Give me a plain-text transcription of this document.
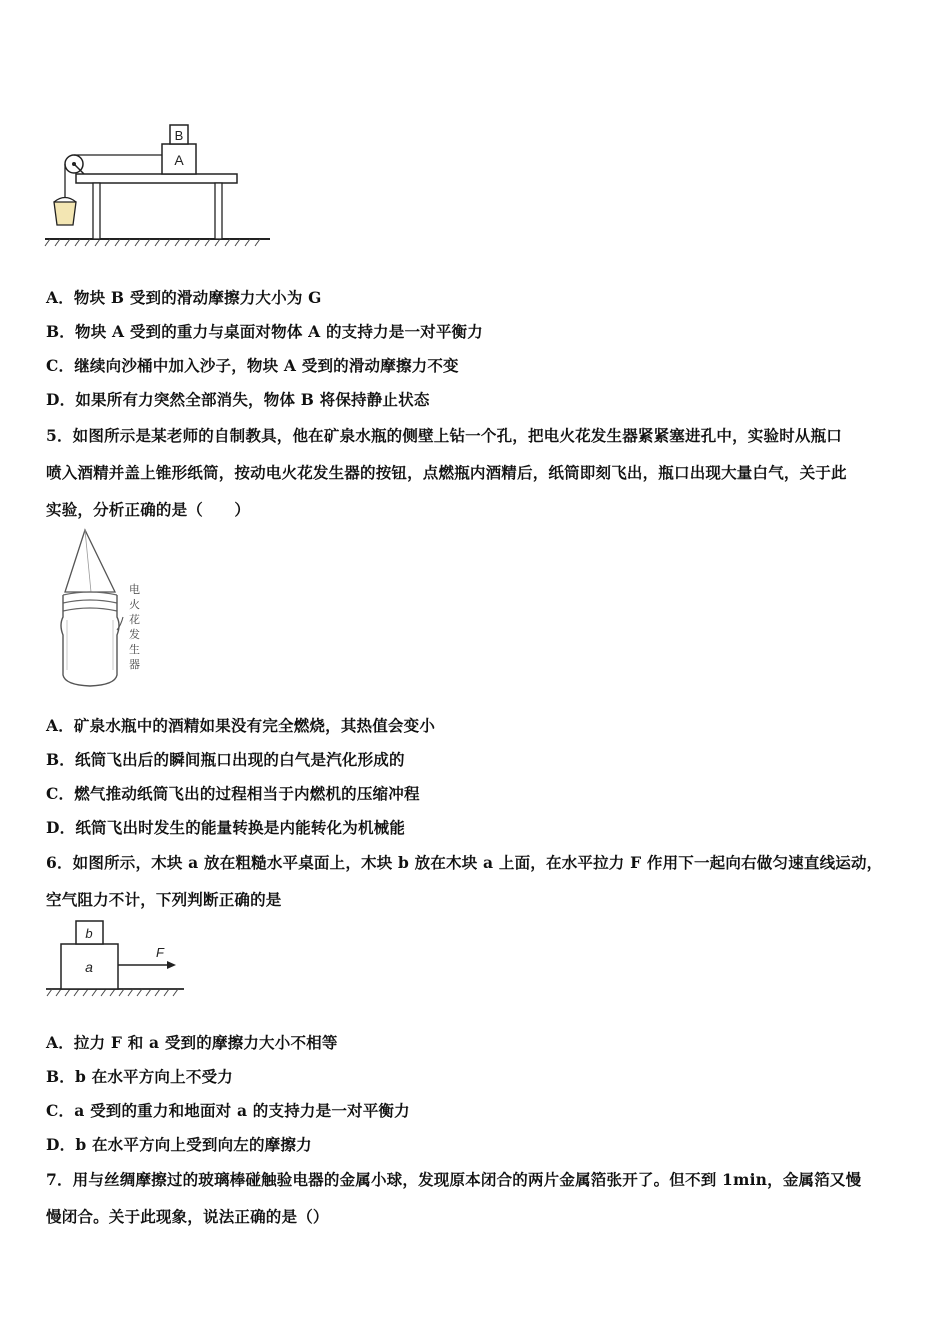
A
B
A．物块 B 受到的滑动摩擦力大小为 G
B．物块 A 受到的重力与桌面对物体 A 的支持力是一对平衡力
C．继续向沙桶中加入沙子，物块 A 受到的滑动摩擦力不变
D．如果所有力突然全部消失，物体 B 将保持静止状态
5．如图所示是某老师的自制教具，他在矿泉水瓶的侧壁上钻一个孔，把电火花发生器紧紧塞进孔中，实验时从瓶口
喷入酒精并盖上锥形纸筒，按动电火花发生器的按钮，点燃瓶内酒精后，纸筒即刻飞出，瓶口出现大量白气，关于此
实验，分析正确的是（　　）
电
火
花
发
生
器
A．矿泉水瓶中的酒精如果没有完全燃烧，其热值会变小
B．纸筒飞出后的瞬间瓶口出现的白气是汽化形成的
C．燃气推动纸筒飞出的过程相当于内燃机的压缩冲程
D．纸筒飞出时发生的能量转换是内能转化为机械能
6．如图所示，木块 a 放在粗糙水平桌面上，木块 b 放在木块 a 上面，在水平拉力 F 作用下一起向右做匀速直线运动，
空气阻力不计，下列判断正确的是
a
b
F
A．拉力 F 和 a 受到的摩擦力大小不相等
B．b 在水平方向上不受力
C．a 受到的重力和地面对 a 的支持力是一对平衡力
D．b 在水平方向上受到向左的摩擦力
7．用与丝绸摩擦过的玻璃棒碰触验电器的金属小球，发现原本闭合的两片金属箔张开了。但不到 1min，金属箔又慢
慢闭合。关于此现象，说法正确的是（）
